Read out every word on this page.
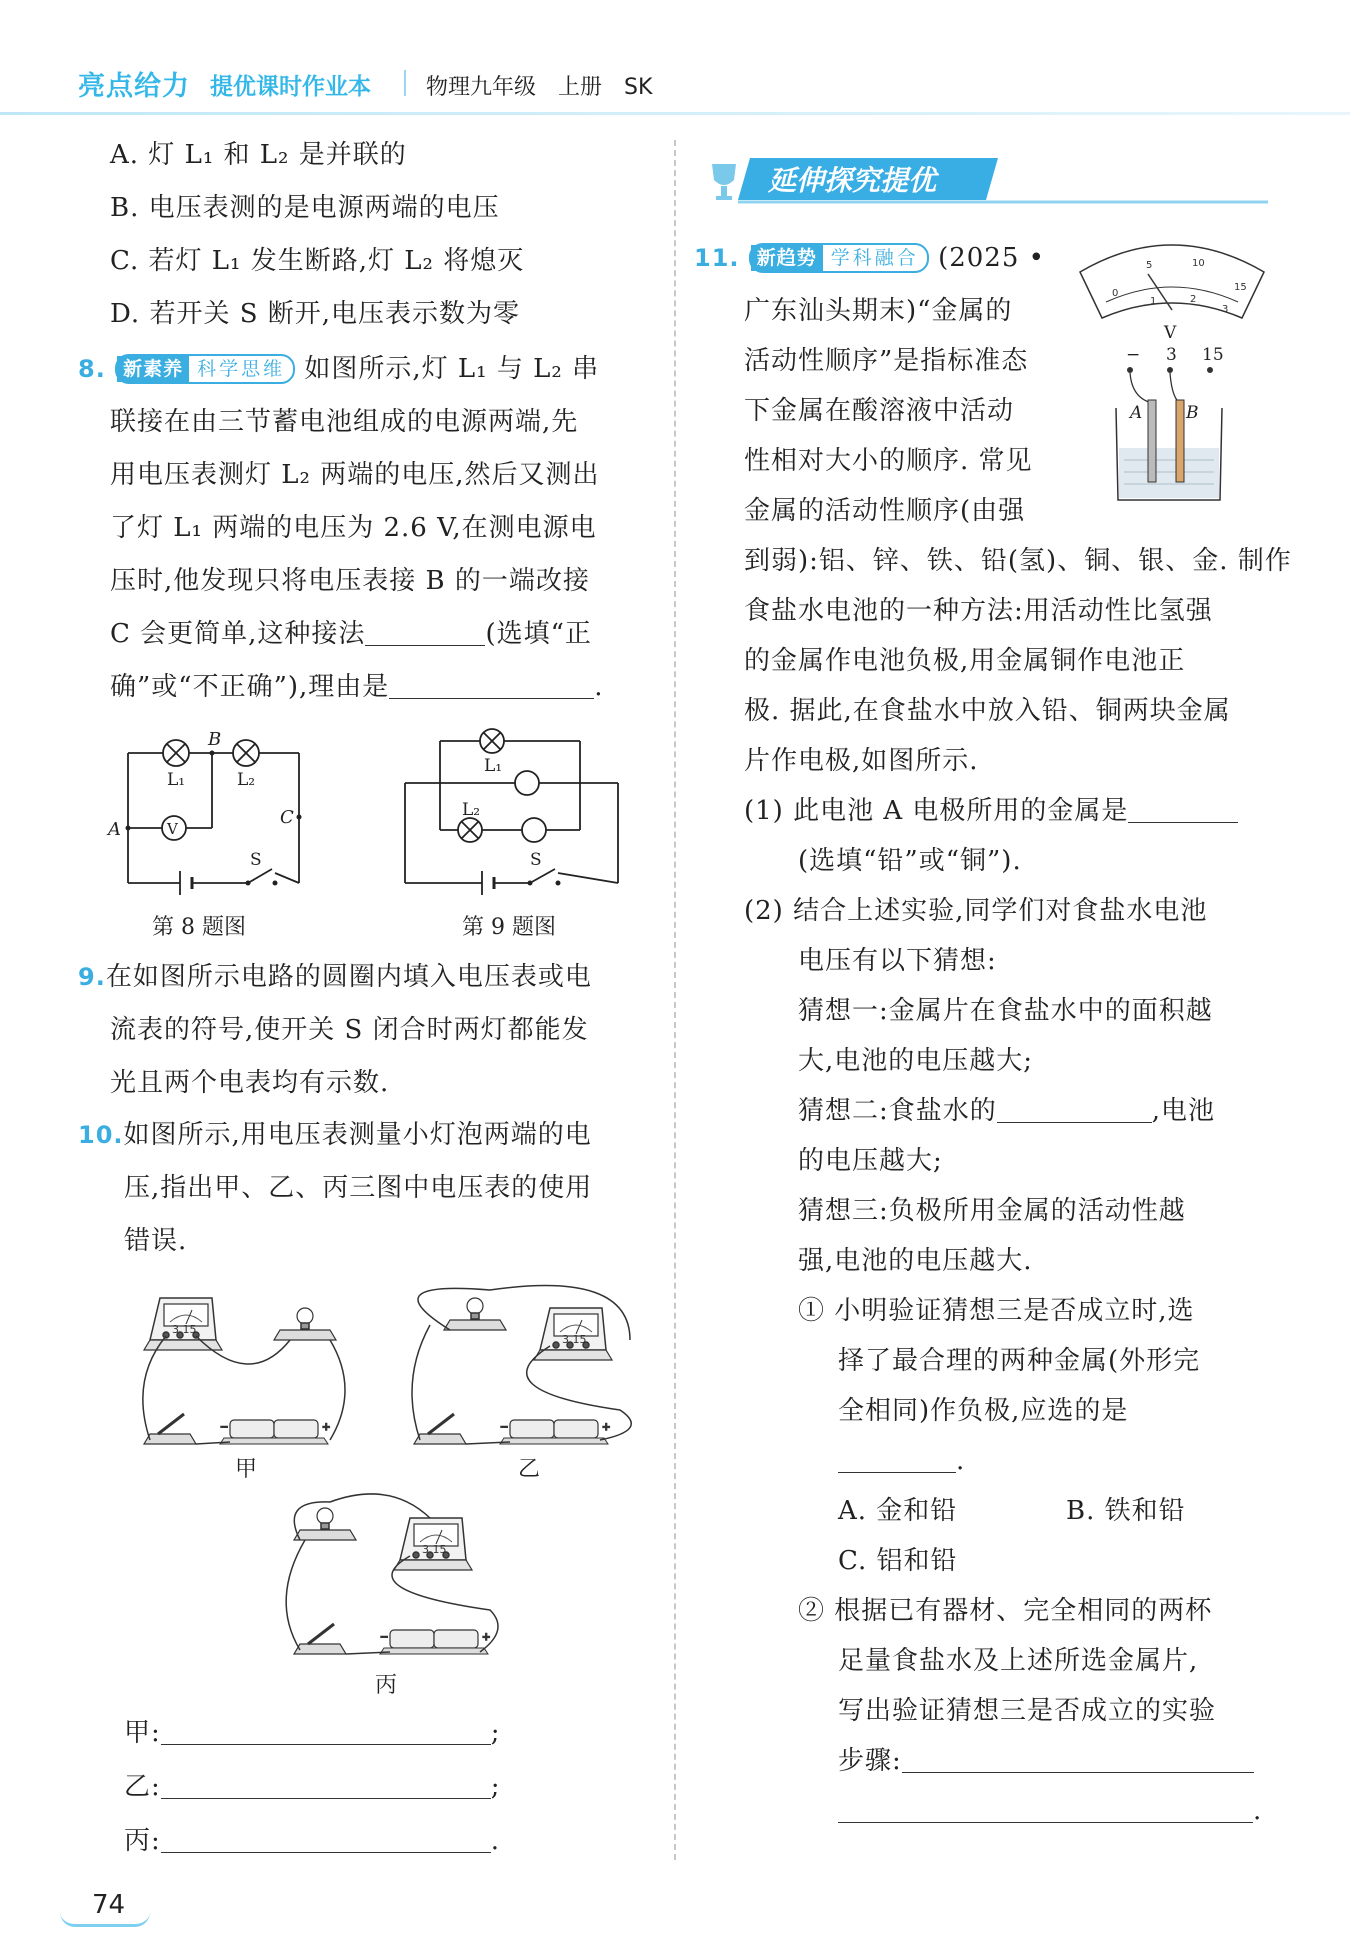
亮点给力 提优课时作业本	物理九年级　上册　SK
A. 灯 L₁ 和 L₂ 是并联的
B. 电压表测的是电源两端的电压
C. 若灯 L₁ 发生断路,灯 L₂ 将熄灭
D. 若开关 S 断开,电压表示数为零
8. 新素养 科学思维 如图所示,灯 L₁ 与 L₂ 串
联接在由三节蓄电池组成的电源两端,先
用电压表测灯 L₂ 两端的电压,然后又测出
了灯 L₁ 两端的电压为 2.6 V,在测电源电
压时,他发现只将电压表接 B 的一端改接
C 会更简单,这种接法	(选填“正
确”或“不正确”),理由是	.
A
B
C
L₁	L₂
V
S
第 8 题图
L₁
L₂
S
第 9 题图
9.在如图所示电路的圆圈内填入电压表或电
流表的符号,使开关 S 闭合时两灯都能发
光且两个电表均有示数.
10.如图所示,用电压表测量小灯泡两端的电
压,指出甲、乙、丙三图中电压表的使用
错误.
−	+
3 15
3 15
3 15
甲	乙
丙
甲:	;
乙:	;
丙:	.
延伸探究提优
11. 新趋势 学科融合 (2025 •
广东汕头期末)“金属的
活动性顺序”是指标准态
下金属在酸溶液中活动
性相对大小的顺序. 常见
金属的活动性顺序(由强
0
5	10
15
1	2
3
V
− 3 15
A	B
到弱):铝、锌、铁、铅(氢)、铜、银、金. 制作
食盐水电池的一种方法:用活动性比氢强
的金属作电池负极,用金属铜作电池正
极. 据此,在食盐水中放入铅、铜两块金属
片作电极,如图所示.
(1) 此电池 A 电极所用的金属是
(选填“铅”或“铜”).
(2) 结合上述实验,同学们对食盐水电池
电压有以下猜想:
猜想一:金属片在食盐水中的面积越
大,电池的电压越大;
猜想二:食盐水的	,电池
的电压越大;
猜想三:负极所用金属的活动性越
强,电池的电压越大.
① 小明验证猜想三是否成立时,选
择了最合理的两种金属(外形完
全相同)作负极,应选的是
.
A. 金和铅	B. 铁和铅
C. 铝和铅
② 根据已有器材、完全相同的两杯
足量食盐水及上述所选金属片,
写出验证猜想三是否成立的实验
步骤:
.
74
